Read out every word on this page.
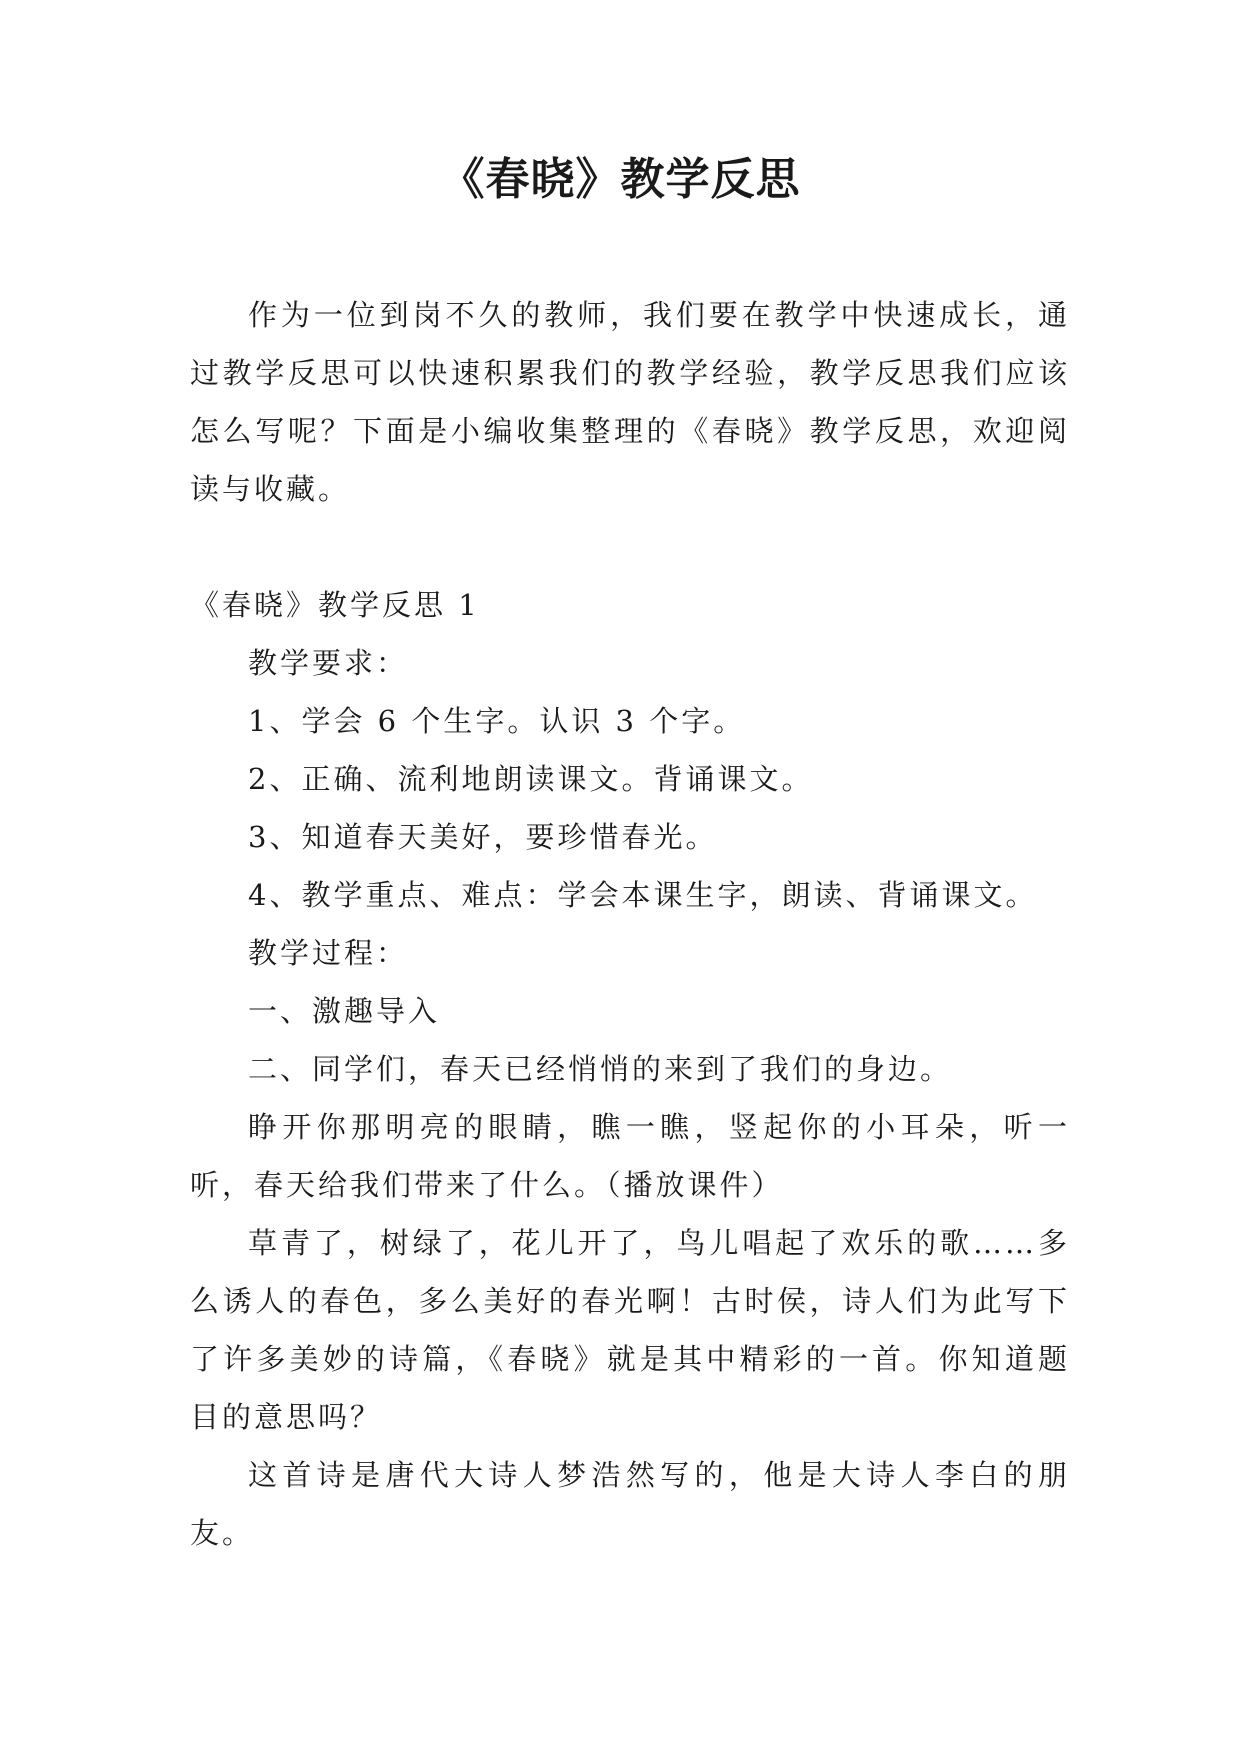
《春晓》教学反思

作为一位到岗不久的教师，我们要在教学中快速成长，通过教学反思可以快速积累我们的教学经验，教学反思我们应该怎么写呢？下面是小编收集整理的《春晓》教学反思，欢迎阅读与收藏。

《春晓》教学反思 1

教学要求：

1、学会 6 个生字。认识 3 个字。

2、正确、流利地朗读课文。背诵课文。

3、知道春天美好，要珍惜春光。

4、教学重点、难点：学会本课生字，朗读、背诵课文。

教学过程：

一、激趣导入

二、同学们，春天已经悄悄的来到了我们的身边。

睁开你那明亮的眼睛，瞧一瞧，竖起你的小耳朵，听一听，春天给我们带来了什么。（播放课件）

草青了，树绿了，花儿开了，鸟儿唱起了欢乐的歌……多么诱人的春色，多么美好的春光啊！古时侯，诗人们为此写下了许多美妙的诗篇，《春晓》就是其中精彩的一首。你知道题目的意思吗？

这首诗是唐代大诗人梦浩然写的，他是大诗人李白的朋友。
